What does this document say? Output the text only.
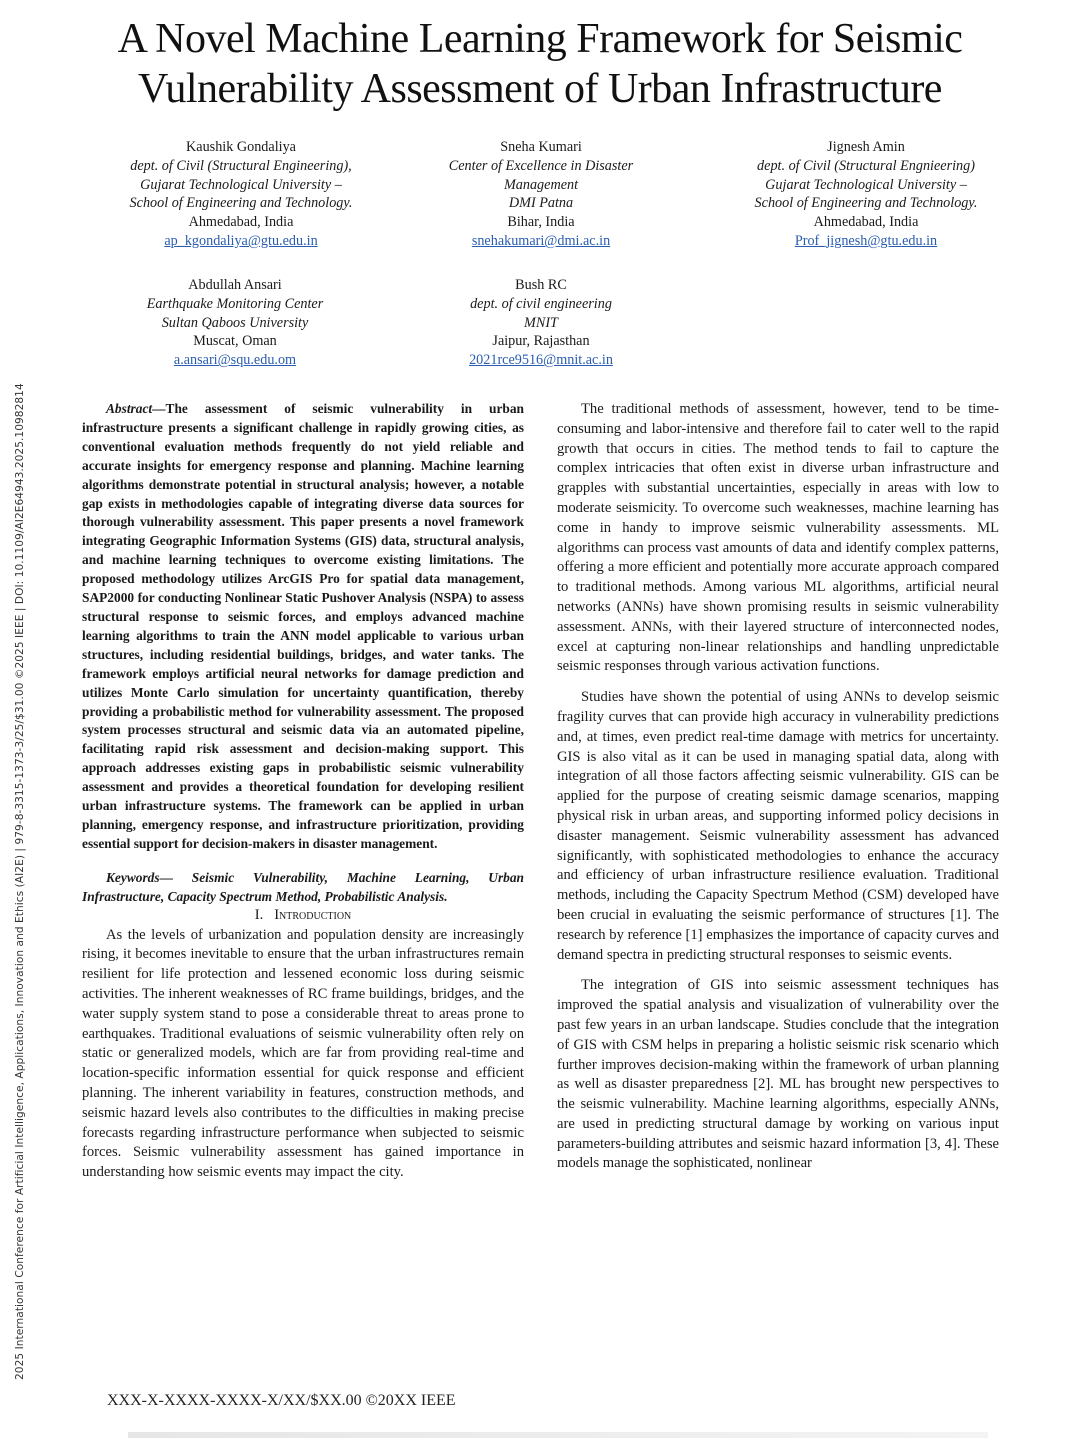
2025 International Conference for Artificial Intelligence, Applications, Innovation and Ethics (AI2E) | 979-8-3315-1373-3/25/$31.00 ©2025 IEEE | DOI: 10.1109/AI2E64943.2025.10982814
A Novel Machine Learning Framework for Seismic
Vulnerability Assessment of Urban Infrastructure
Kaushik Gondaliya
dept. of Civil (Structural Engineering),
Gujarat Technological University –
School of Engineering and Technology.
Ahmedabad, India
ap_kgondaliya@gtu.edu.in
Sneha Kumari
Center of Excellence in Disaster
Management
DMI Patna
Bihar, India
snehakumari@dmi.ac.in
Jignesh Amin
dept. of Civil (Structural Engnieering)
Gujarat Technological University –
School of Engineering and Technology.
Ahmedabad, India
Prof_jignesh@gtu.edu.in
Abdullah Ansari
Earthquake Monitoring Center
Sultan Qaboos University
Muscat, Oman
a.ansari@squ.edu.om
Bush RC
dept. of civil engineering
MNIT
Jaipur, Rajasthan
2021rce9516@mnit.ac.in

Abstract—The assessment of seismic vulnerability in urban infrastructure presents a significant challenge in rapidly growing cities, as conventional evaluation methods frequently do not yield reliable and accurate insights for emergency response and planning. Machine learning algorithms demonstrate potential in structural analysis; however, a notable gap exists in methodologies capable of integrating diverse data sources for thorough vulnerability assessment. This paper presents a novel framework integrating Geographic Information Systems (GIS) data, structural analysis, and machine learning techniques to overcome existing limitations. The proposed methodology utilizes ArcGIS Pro for spatial data management, SAP2000 for conducting Nonlinear Static Pushover Analysis (NSPA) to assess structural response to seismic forces, and employs advanced machine learning algorithms to train the ANN model applicable to various urban structures, including residential buildings, bridges, and water tanks. The framework employs artificial neural networks for damage prediction and utilizes Monte Carlo simulation for uncertainty quantification, thereby providing a probabilistic method for vulnerability assessment. The proposed system processes structural and seismic data via an automated pipeline, facilitating rapid risk assessment and decision-making support. This approach addresses existing gaps in probabilistic seismic vulnerability assessment and provides a theoretical foundation for developing resilient urban infrastructure systems. The framework can be applied in urban planning, emergency response, and infrastructure prioritization, providing essential support for decision-makers in disaster management.

Keywords— Seismic Vulnerability, Machine Learning, Urban Infrastructure, Capacity Spectrum Method, Probabilistic Analysis.

I. Introduction

As the levels of urbanization and population density are increasingly rising, it becomes inevitable to ensure that the urban infrastructures remain resilient for life protection and lessened economic loss during seismic activities. The inherent weaknesses of RC frame buildings, bridges, and the water supply system stand to pose a considerable threat to areas prone to earthquakes. Traditional evaluations of seismic vulnerability often rely on static or generalized models, which are far from providing real-time and location-specific information essential for quick response and efficient planning. The inherent variability in features, construction methods, and seismic hazard levels also contributes to the difficulties in making precise forecasts regarding infrastructure performance when subjected to seismic forces. Seismic vulnerability assessment has gained importance in understanding how seismic events may impact the city.

The traditional methods of assessment, however, tend to be time-consuming and labor-intensive and therefore fail to cater well to the rapid growth that occurs in cities. The method tends to fail to capture the complex intricacies that often exist in diverse urban infrastructure and grapples with substantial uncertainties, especially in areas with low to moderate seismicity. To overcome such weaknesses, machine learning has come in handy to improve seismic vulnerability assessments. ML algorithms can process vast amounts of data and identify complex patterns, offering a more efficient and potentially more accurate approach compared to traditional methods. Among various ML algorithms, artificial neural networks (ANNs) have shown promising results in seismic vulnerability assessment. ANNs, with their layered structure of interconnected nodes, excel at capturing non-linear relationships and handling unpredictable seismic responses through various activation functions.

Studies have shown the potential of using ANNs to develop seismic fragility curves that can provide high accuracy in vulnerability predictions and, at times, even predict real-time damage with metrics for uncertainty. GIS is also vital as it can be used in managing spatial data, along with integration of all those factors affecting seismic vulnerability. GIS can be applied for the purpose of creating seismic damage scenarios, mapping physical risk in urban areas, and supporting informed policy decisions in disaster management. Seismic vulnerability assessment has advanced significantly, with sophisticated methodologies to enhance the accuracy and efficiency of urban infrastructure resilience evaluation. Traditional methods, including the Capacity Spectrum Method (CSM) developed have been crucial in evaluating the seismic performance of structures [1]. The research by reference [1] emphasizes the importance of capacity curves and demand spectra in predicting structural responses to seismic events.

The integration of GIS into seismic assessment techniques has improved the spatial analysis and visualization of vulnerability over the past few years in an urban landscape. Studies conclude that the integration of GIS with CSM helps in preparing a holistic seismic risk scenario which further improves decision-making within the framework of urban planning as well as disaster preparedness [2]. ML has brought new perspectives to the seismic vulnerability. Machine learning algorithms, especially ANNs, are used in predicting structural damage by working on various input parameters-building attributes and seismic hazard information [3, 4]. These models manage the sophisticated, nonlinear

XXX-X-XXXX-XXXX-X/XX/$XX.00 ©20XX IEEE
